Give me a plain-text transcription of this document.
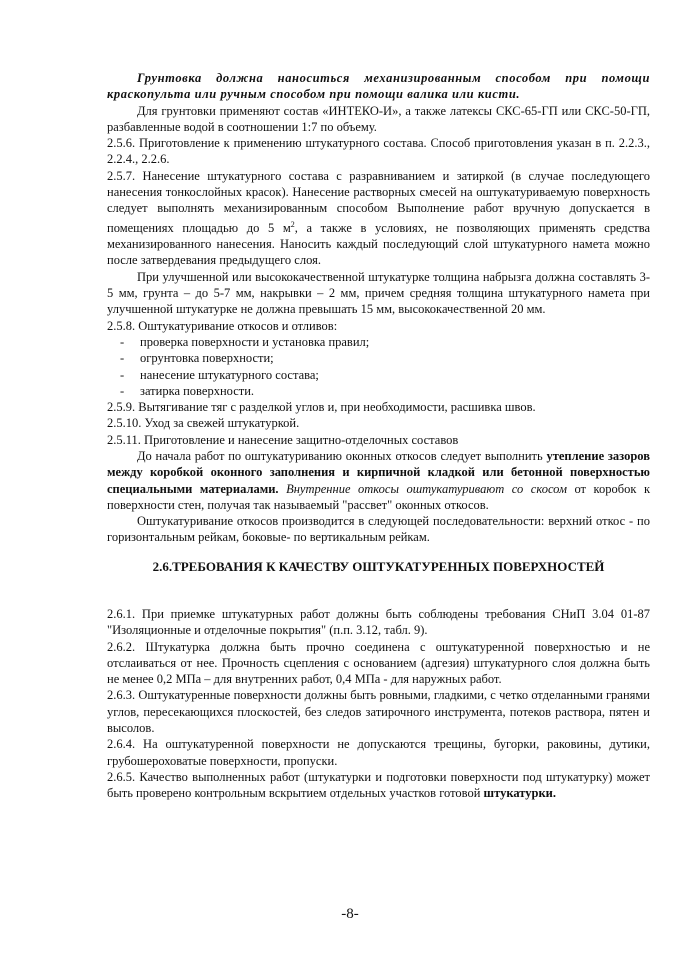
Грунтовка должна наноситься механизированным способом при помощи краскопульта или ручным способом при помощи валика или кисти.
Для грунтовки применяют состав «ИНТЕКО-И», а также латексы СКС-65-ГП или СКС-50-ГП, разбавленные водой в соотношении 1:7 по объему.
2.5.6. Приготовление к применению штукатурного состава. Способ приготовления указан в п. 2.2.3., 2.2.4., 2.2.6.
2.5.7. Нанесение штукатурного состава с разравниванием и затиркой (в случае последующего нанесения тонкослойных красок). Нанесение растворных смесей на оштукатуриваемую поверхность следует выполнять механизированным способом Выполнение работ вручную допускается в помещениях площадью до 5 $м^2$, а также в условиях, не позволяющих применять средства механизированного нанесения. Наносить каждый последующий слой штукатурного намета можно после затвердевания предыдущего слоя.
При улучшенной или высококачественной штукатурке толщина набрызга должна составлять 3-5 мм, грунта – до 5-7 мм, накрывки – 2 мм, причем средняя толщина штукатурного намета при улучшенной штукатурке не должна превышать 15 мм, высококачественной 20 мм.
2.5.8. Оштукатуривание откосов и отливов:
- проверка поверхности и установка правил;
- огрунтовка поверхности;
- нанесение штукатурного состава;
- затирка поверхности.
2.5.9. Вытягивание тяг с разделкой углов и, при необходимости, расшивка швов.
2.5.10. Уход за свежей штукатуркой.
2.5.11. Приготовление и нанесение защитно-отделочных составов
До начала работ по оштукатуриванию оконных откосов следует выполнить утепление зазоров между коробкой оконного заполнения и кирпичной кладкой или бетонной поверхностью специальными материалами. Внутренние откосы оштукатуривают со скосом от коробок к поверхности стен, получая так называемый "рассвет" оконных откосов.
Оштукатуривание откосов производится в следующей последовательности: верхний откос - по горизонтальным рейкам, боковые- по вертикальным рейкам.
2.6.ТРЕБОВАНИЯ К КАЧЕСТВУ ОШТУКАТУРЕННЫХ ПОВЕРХНОСТЕЙ
2.6.1. При приемке штукатурных работ должны быть соблюдены требования СНиП 3.04 01-87 "Изоляционные и отделочные покрытия" (п.п. 3.12, табл. 9).
2.6.2. Штукатурка должна быть прочно соединена с оштукатуренной поверхностью и не отслаиваться от нее. Прочность сцепления с основанием (адгезия) штукатурного слоя должна быть не менее 0,2 МПа – для внутренних работ, 0,4 МПа - для наружных работ.
2.6.3. Оштукатуренные поверхности должны быть ровными, гладкими, с четко отделанными гранями углов, пересекающихся плоскостей, без следов затирочного инструмента, потеков раствора, пятен и высолов.
2.6.4. На оштукатуренной поверхности не допускаются трещины, бугорки, раковины, дутики, грубошероховатые поверхности, пропуски.
2.6.5. Качество выполненных работ (штукатурки и подготовки поверхности под штукатурку) может быть проверено контрольным вскрытием отдельных участков готовой штукатурки.
-8-
